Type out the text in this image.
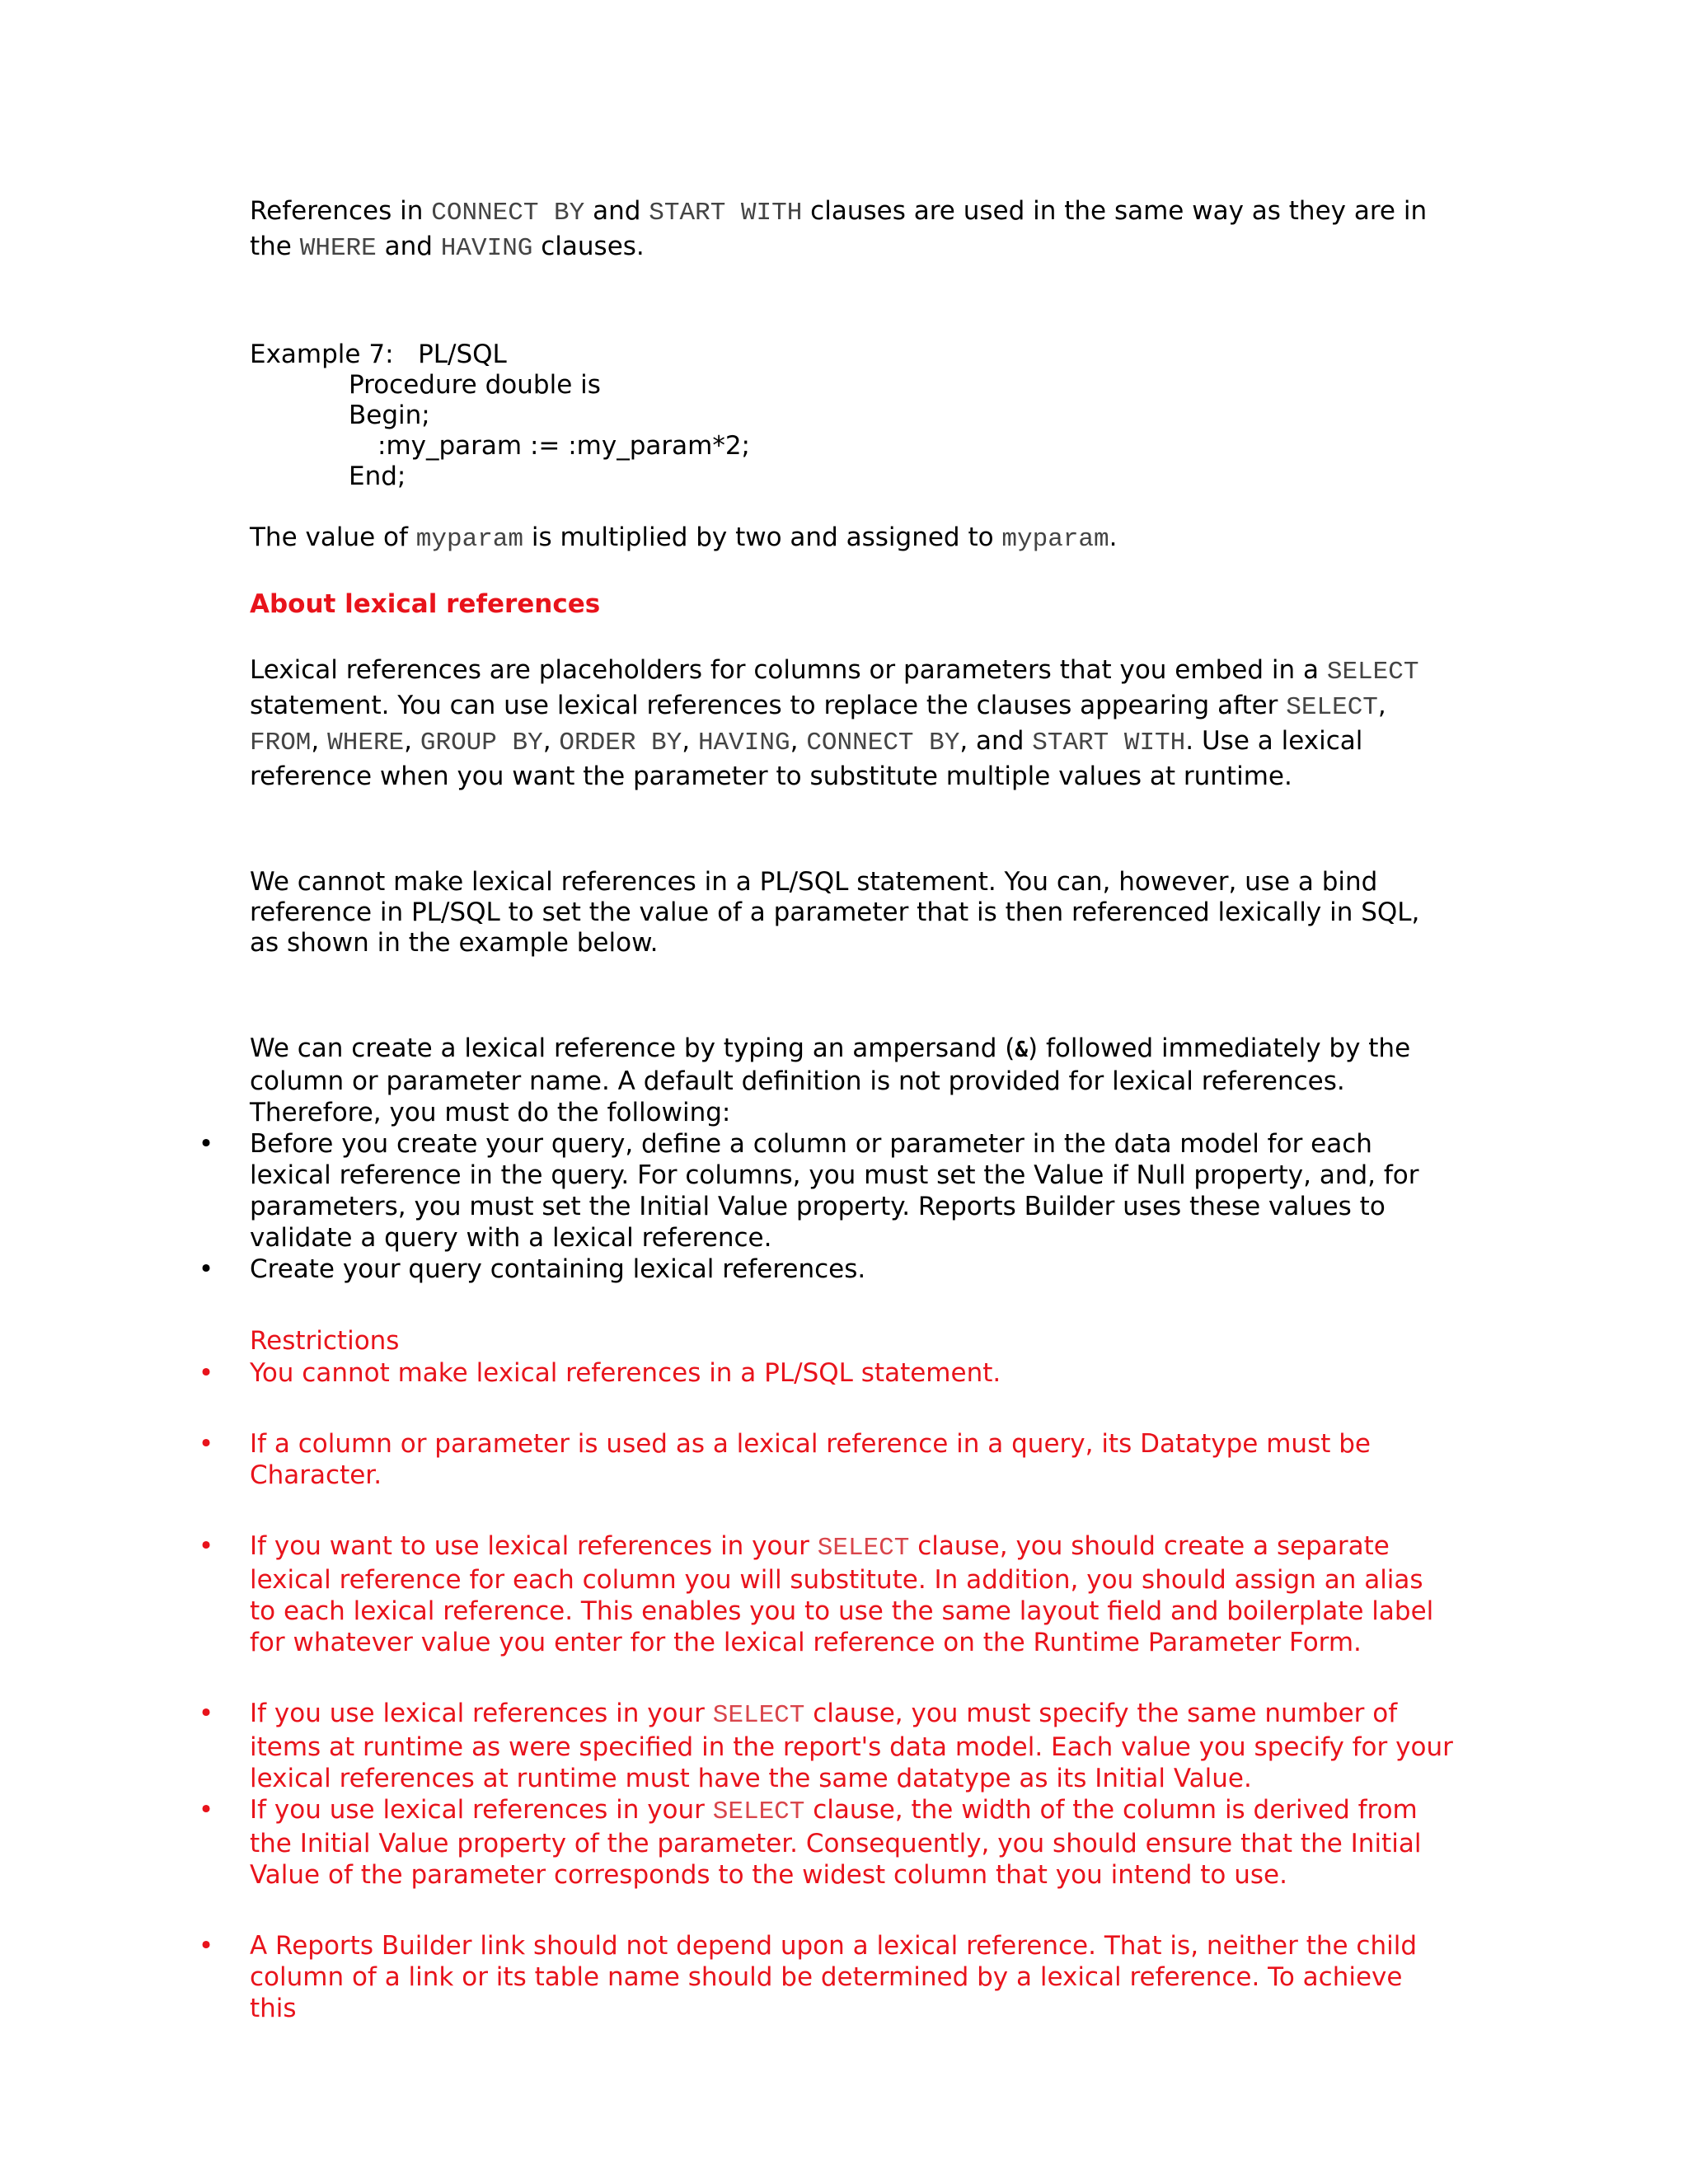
References in CONNECT BY and START WITH clauses are used in the same way as they are in the WHERE and HAVING clauses.

Example 7:   PL/SQL
Procedure double is
Begin;
:my_param := :my_param*2;
End;

The value of myparam is multiplied by two and assigned to myparam.

About lexical references

Lexical references are placeholders for columns or parameters that you embed in a SELECT statement. You can use lexical references to replace the clauses appearing after SELECT, FROM, WHERE, GROUP BY, ORDER BY, HAVING, CONNECT BY, and START WITH. Use a lexical reference when you want the parameter to substitute multiple values at runtime.

We cannot make lexical references in a PL/SQL statement. You can, however, use a bind reference in PL/SQL to set the value of a parameter that is then referenced lexically in SQL, as shown in the example below.

We can create a lexical reference by typing an ampersand (&) followed immediately by the column or parameter name. A default definition is not provided for lexical references. Therefore, you must do the following:

• Before you create your query, define a column or parameter in the data model for each lexical reference in the query. For columns, you must set the Value if Null property, and, for parameters, you must set the Initial Value property. Reports Builder uses these values to validate a query with a lexical reference.
• Create your query containing lexical references.

Restrictions

• You cannot make lexical references in a PL/SQL statement.
• If a column or parameter is used as a lexical reference in a query, its Datatype must be Character.
• If you want to use lexical references in your SELECT clause, you should create a separate lexical reference for each column you will substitute. In addition, you should assign an alias to each lexical reference. This enables you to use the same layout field and boilerplate label for whatever value you enter for the lexical reference on the Runtime Parameter Form.
• If you use lexical references in your SELECT clause, you must specify the same number of items at runtime as were specified in the report's data model. Each value you specify for your lexical references at runtime must have the same datatype as its Initial Value.
• If you use lexical references in your SELECT clause, the width of the column is derived from the Initial Value property of the parameter. Consequently, you should ensure that the Initial Value of the parameter corresponds to the widest column that you intend to use.
• A Reports Builder link should not depend upon a lexical reference. That is, neither the child column of a link or its table name should be determined by a lexical reference. To achieve this
